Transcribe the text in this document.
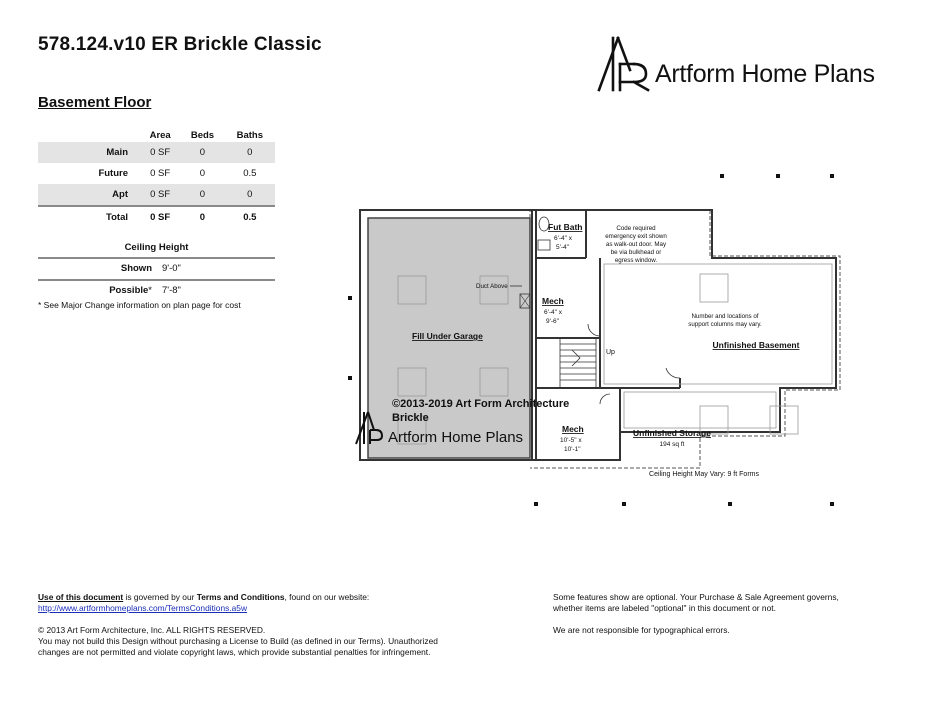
578.124.v10 ER Brickle Classic
Artform Home Plans
Basement Floor
	Area	Beds	Baths
Main	0 SF	0	0
Future	0 SF	0	0.5
Apt	0 SF	0	0
Total	0 SF	0	0.5
Ceiling Height
Shown 9'-0"
Possible* 7'-8"
* See Major Change information on plan page for cost
Fut Bath
6'-4" x
5'-4"
Code required
emergency exit shown
as walk-out door. May
be via bulkhead or
egress window.
Duct Above
Mech
6'-4" x
9'-6"
Number and locations of
support columns may vary.
Fill Under Garage
Up
Unfinished Basement
©2013-2019 Art Form Architecture
Brickle
Artform Home Plans	Mech
10'-5" x
10'-1"
Unfinished Storage
194 sq ft
Ceiling Height May Vary: 9 ft Forms

Use of this document is governed by our Terms and Conditions, found on our website:

http://www.artformhomeplans.com/TermsConditions.a5w

© 2013 Art Form Architecture, Inc. ALL RIGHTS RESERVED.

You may not build this Design without purchasing a License to Build (as defined in our Terms). Unauthorized

changes are not permitted and violate copyright laws, which provide substantial penalties for infringement.

Some features show are optional. Your Purchase & Sale Agreement governs,

whether items are labeled "optional" in this document or not.

We are not responsible for typographical errors.
